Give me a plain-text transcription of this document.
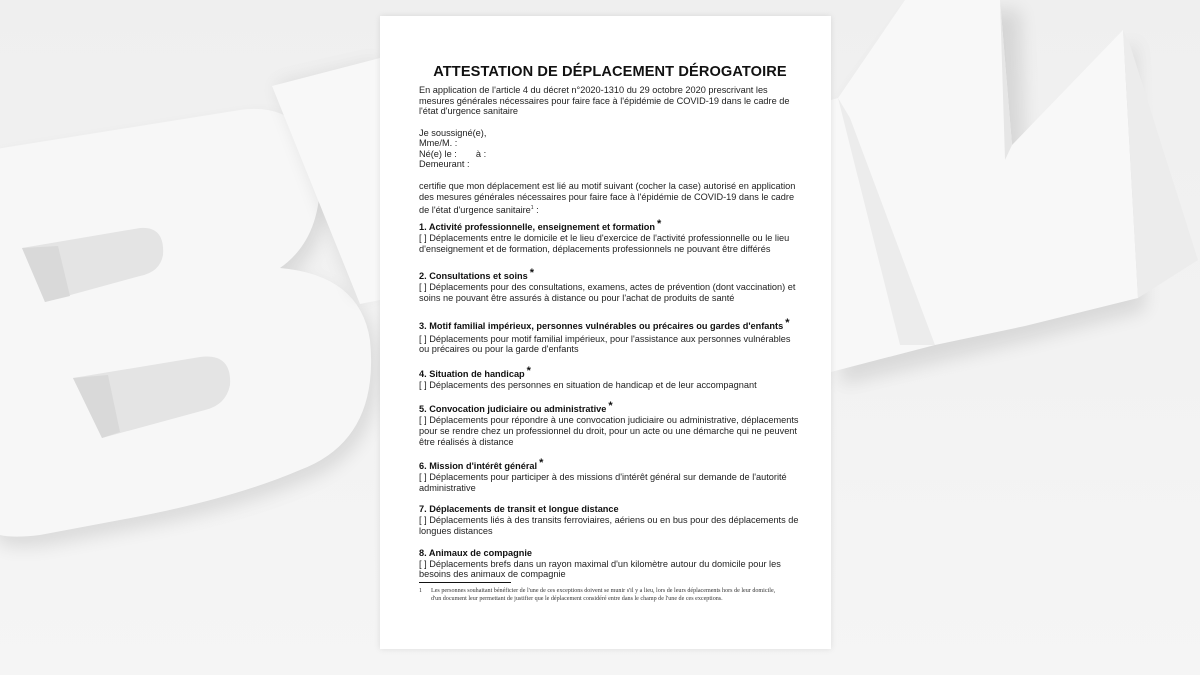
ATTESTATION DE DÉPLACEMENT DÉROGATOIRE

En application de l'article 4 du décret n°2020-1310 du 29 octobre 2020 prescrivant les mesures générales nécessaires pour faire face à l'épidémie de COVID-19 dans le cadre de l'état d'urgence sanitaire

Je soussigné(e),

Mme/M. :

Né(e) le : à :

Demeurant :

certifie que mon déplacement est lié au motif suivant (cocher la case) autorisé en application des mesures générales nécessaires pour faire face à l'épidémie de COVID-19 dans le cadre de l'état d'urgence sanitaire$^1$ :

1. Activité professionnelle, enseignement et formation *

[ ] Déplacements entre le domicile et le lieu d'exercice de l'activité professionnelle ou le lieu d'enseignement et de formation, déplacements professionnels ne pouvant être différés

2. Consultations et soins *

[ ] Déplacements pour des consultations, examens, actes de prévention (dont vaccination) et soins ne pouvant être assurés à distance ou pour l'achat de produits de santé

3. Motif familial impérieux, personnes vulnérables ou précaires ou gardes d'enfants *

[ ] Déplacements pour motif familial impérieux, pour l'assistance aux personnes vulnérables ou précaires ou pour la garde d'enfants

4. Situation de handicap *

[ ] Déplacements des personnes en situation de handicap et de leur accompagnant

5. Convocation judiciaire ou administrative *

[ ] Déplacements pour répondre à une convocation judiciaire ou administrative, déplacements pour se rendre chez un professionnel du droit, pour un acte ou une démarche qui ne peuvent être réalisés à distance

6. Mission d'intérêt général *

[ ] Déplacements pour participer à des missions d'intérêt général sur demande de l'autorité administrative

7. Déplacements de transit et longue distance

[ ] Déplacements liés à des transits ferroviaires, aériens ou en bus pour des déplacements de longues distances

8. Animaux de compagnie

[ ] Déplacements brefs dans un rayon maximal d'un kilomètre autour du domicile pour les besoins des animaux de compagnie

1	Les personnes souhaitant bénéficier de l'une de ces exceptions doivent se munir s'il y a lieu, lors de leurs déplacements hors de leur domicile, d'un document leur permettant de justifier que le déplacement considéré entre dans le champ de l'une de ces exceptions.
